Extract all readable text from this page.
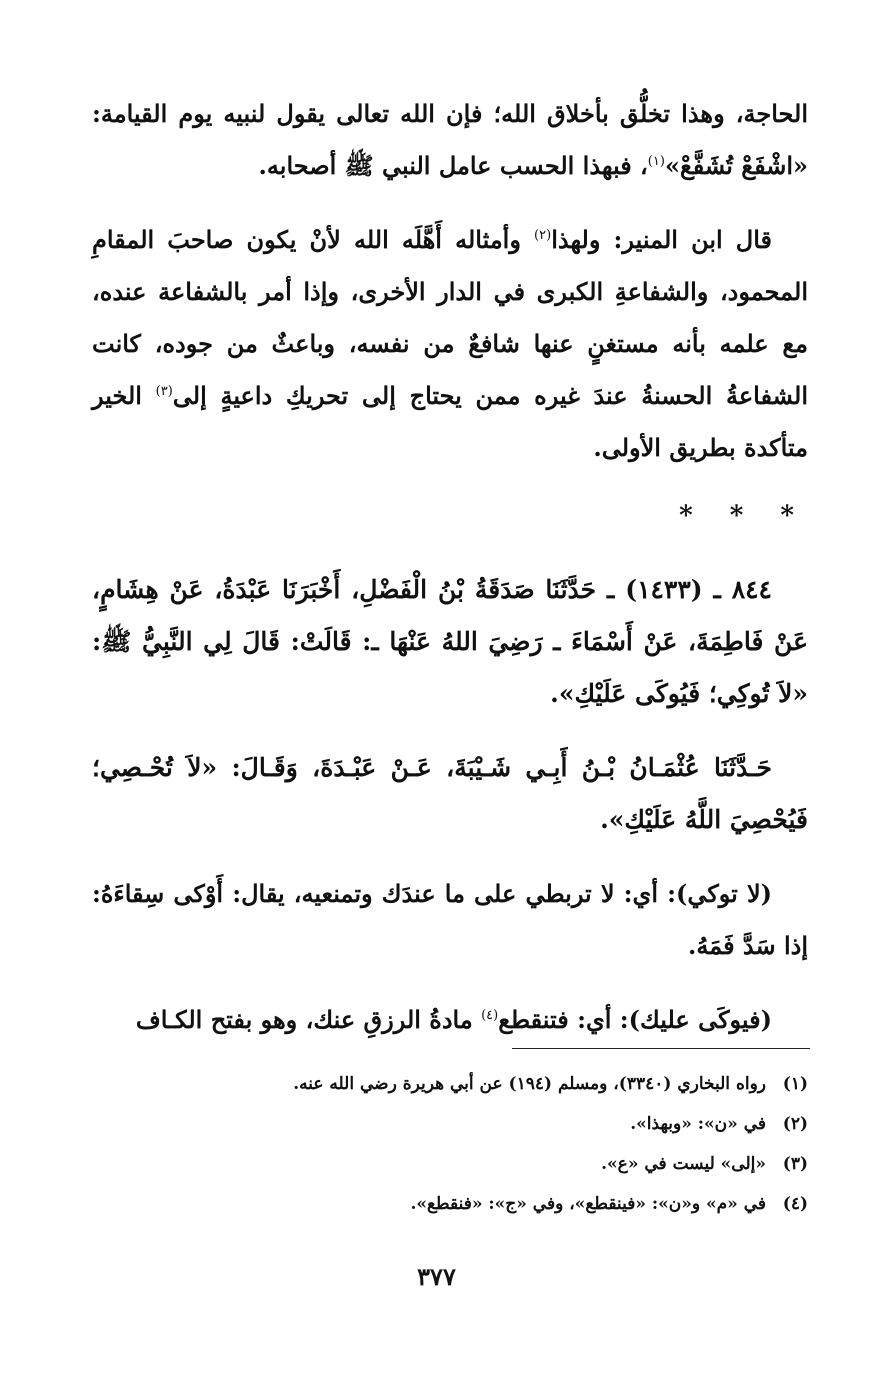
الحاجة، وهذا تخلُّق بأخلاق الله؛ فإن الله تعالى يقول لنبيه يوم القيامة: «اشْفَعْ تُشَفَّعْ»$^{(١)}$، فبهذا الحسب عامل النبي ﷺ أصحابه.

قال ابن المنير: ولهذا$^{(٢)}$ وأمثاله أَهَّلَه الله لأنْ يكون صاحبَ المقامِ المحمود، والشفاعةِ الكبرى في الدار الأخرى، وإذا أمر بالشفاعة عنده، مع علمه بأنه مستغنٍ عنها شافعٌ من نفسه، وباعثٌ من جوده، كانت الشفاعةُ الحسنةُ عندَ غيره ممن يحتاج إلى تحريكِ داعيةٍ إلى$^{(٣)}$ الخير متأكدة بطريق الأولى.

* * *

٨٤٤ ـ (١٤٣٣) ـ حَدَّثَنَا صَدَقَةُ بْنُ الْفَضْلِ، أَخْبَرَنَا عَبْدَةُ، عَنْ هِشَامٍ، عَنْ فَاطِمَةَ، عَنْ أَسْمَاءَ ـ رَضِيَ اللهُ عَنْهَا ـ: قَالَتْ: قَالَ لِي النَّبِيُّ ﷺ: «لاَ تُوكِي؛ فَيُوكَى عَلَيْكِ».

حَـدَّثَنَا عُثْمَـانُ بْـنُ أَبِـي شَـيْبَةَ، عَـنْ عَبْـدَةَ، وَقَـالَ: «لاَ تُحْـصِي؛ فَيُحْصِيَ اللَّهُ عَلَيْكِ».

(لا توكي): أي: لا تربطي على ما عندَك وتمنعيه، يقال: أَوْكى سِقاءَهُ: إذا سَدَّ فَمَهُ.

(فيوكَى عليك): أي: فتنقطع$^{(٤)}$ مادةُ الرزقِ عنك، وهو بفتح الكـاف

(١)
رواه البخاري (٣٣٤٠)، ومسلم (١٩٤) عن أبي هريرة رضي الله عنه.
(٢)
في «ن»: «وبهذا».
(٣)
«إلى» ليست في «ع».
(٤)
في «م» و«ن»: «فينقطع»، وفي «ج»: «فنقطع».
٣٧٧
